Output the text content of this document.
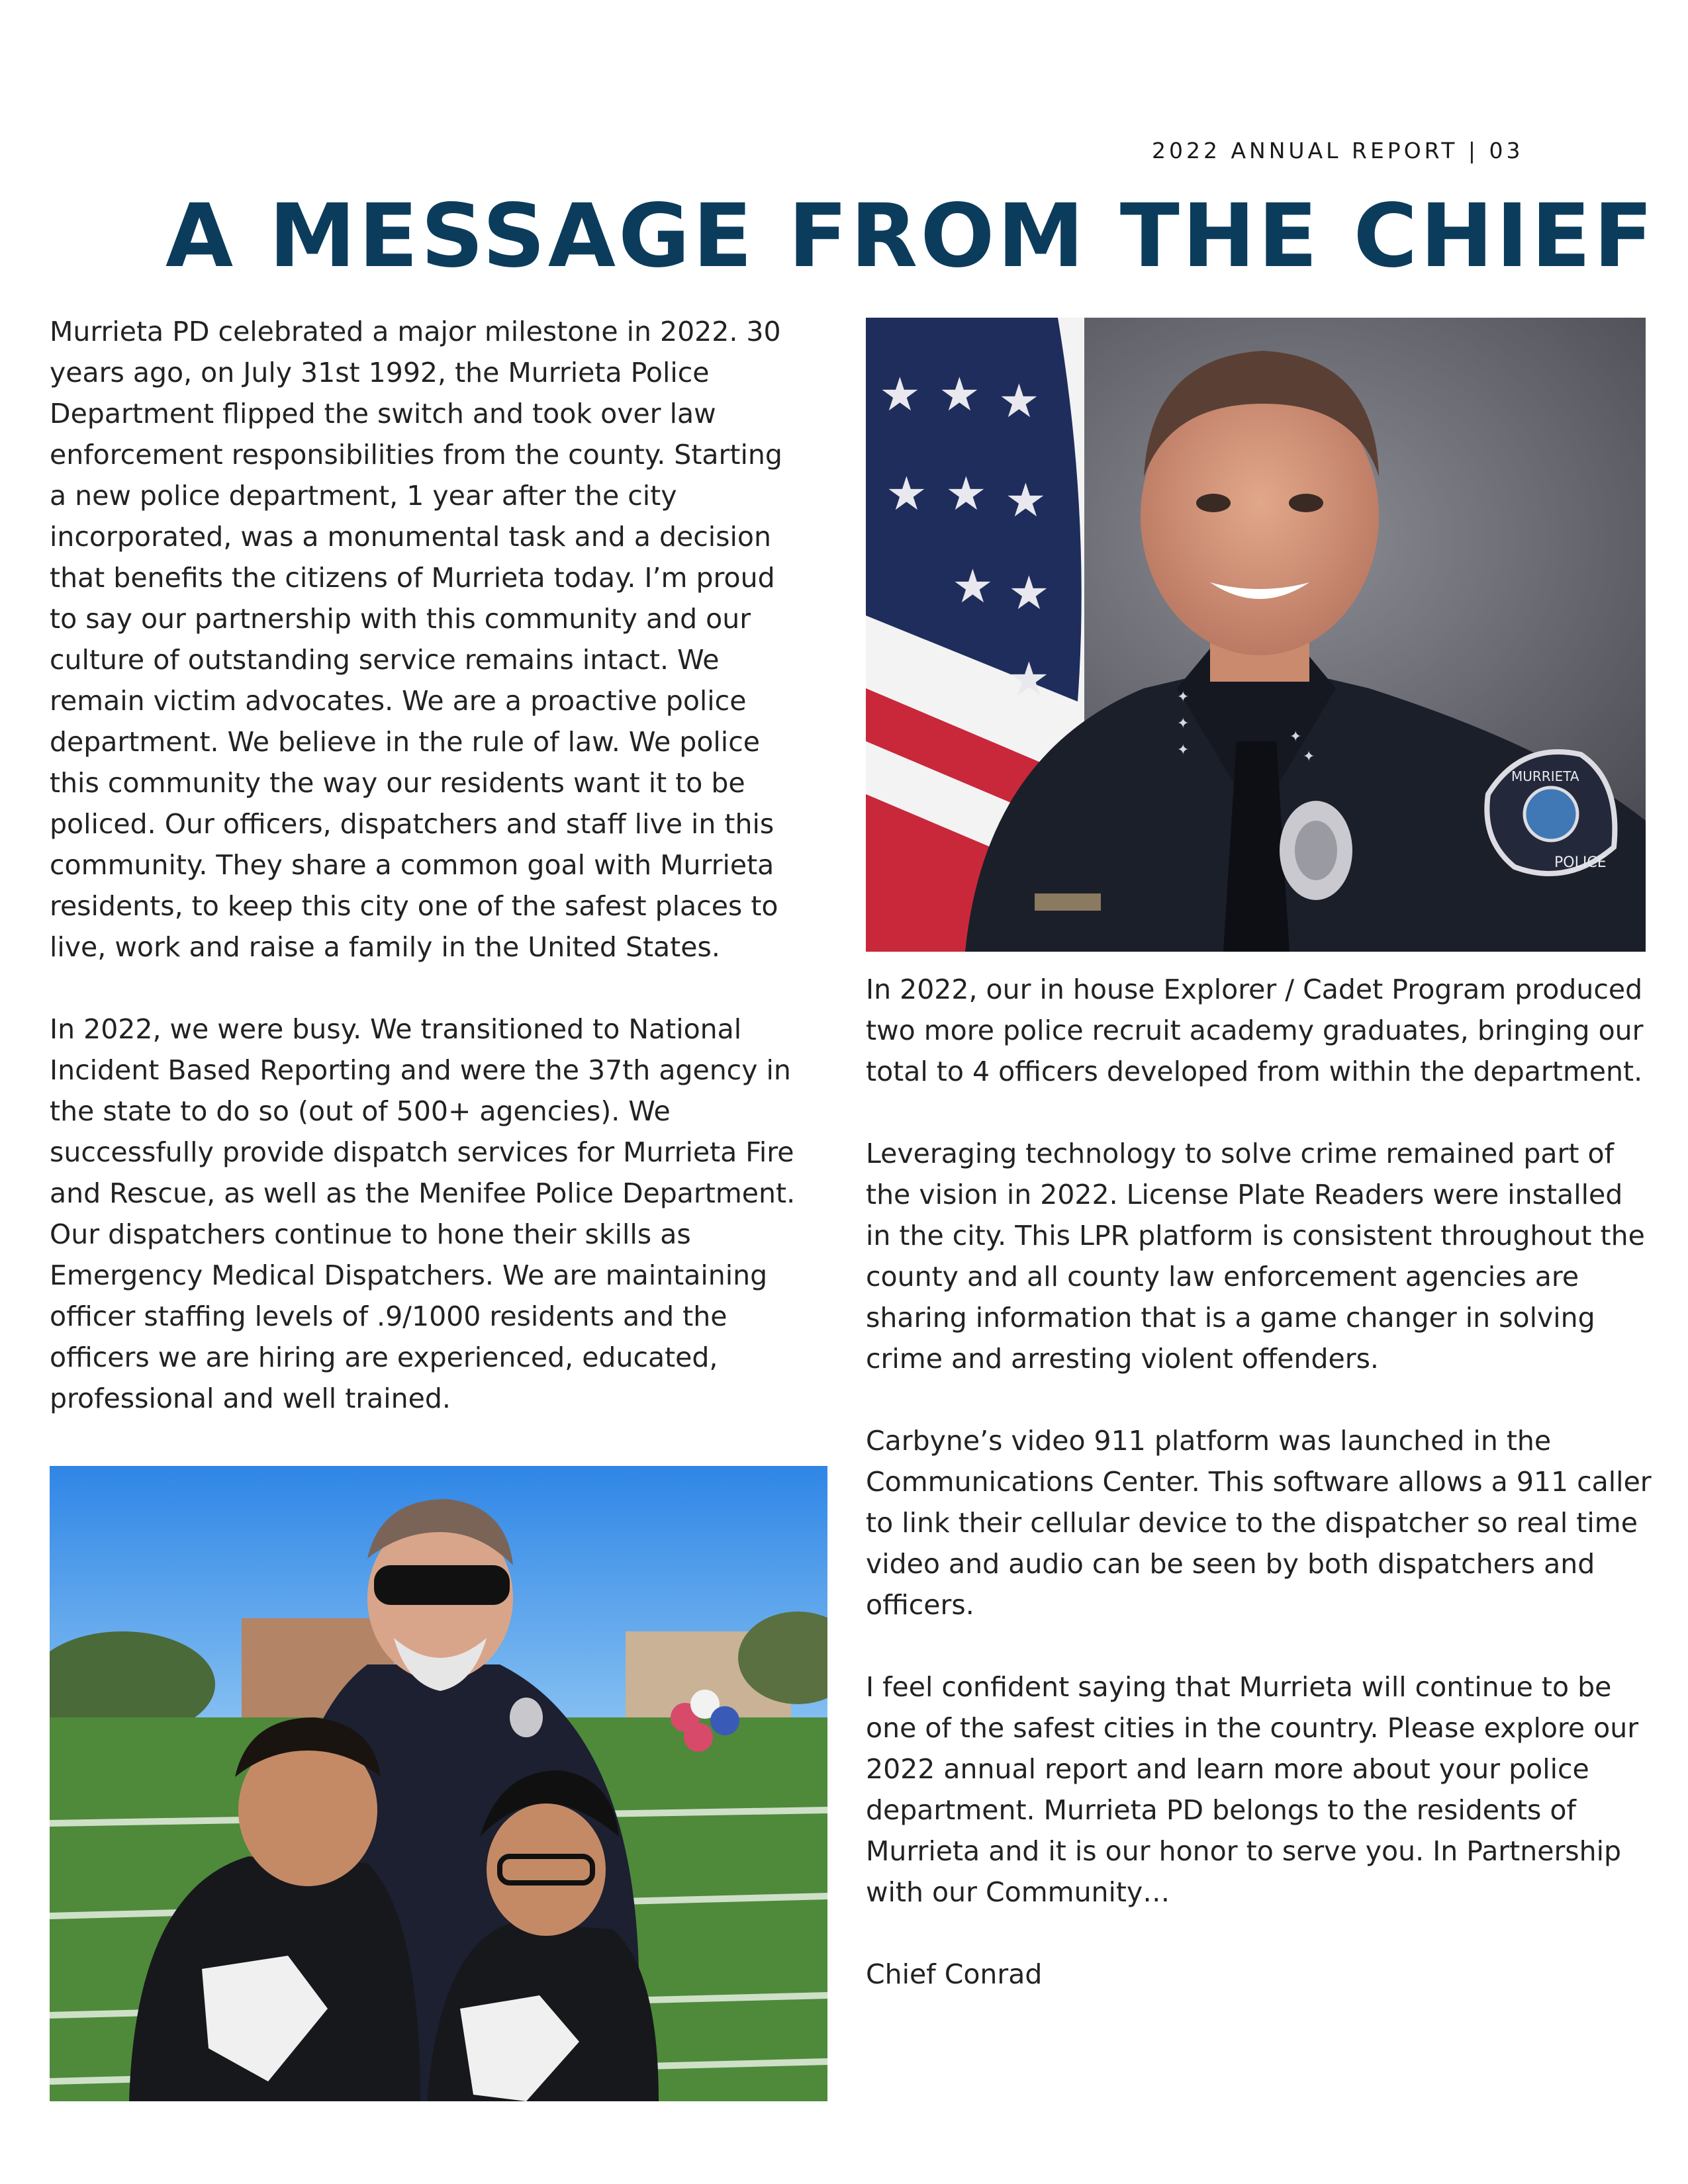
2022 ANNUAL REPORT | 03
A MESSAGE FROM THE CHIEF

Murrieta PD celebrated a major milestone in 2022. 30 years ago, on July 31st 1992, the Murrieta Police Department flipped the switch and took over law enforcement responsibilities from the county. Starting a new police department, 1 year after the city incorporated, was a monumental task and a decision that benefits the citizens of Murrieta today. I’m proud to say our partnership with this community and our culture of outstanding service remains intact. We remain victim advocates. We are a proactive police department. We believe in the rule of law. We police this community the way our residents want it to be policed. Our officers, dispatchers and staff live in this community. They share a common goal with Murrieta residents, to keep this city one of the safest places to live, work and raise a family in the United States.

In 2022, we were busy. We transitioned to National Incident Based Reporting and were the 37th agency in the state to do so (out of 500+ agencies). We successfully provide dispatch services for Murrieta Fire and Rescue, as well as the Menifee Police Department. Our dispatchers continue to hone their skills as Emergency Medical Dispatchers. We are maintaining officer staffing levels of .9/1000 residents and the officers we are hiring are experienced, educated, professional and well trained.

★ ★ ★
★ ★ ★
★ ★
★	✦
✦
✦
✦
✦
MURRIETA
POLICE

In 2022, our in house Explorer / Cadet Program produced two more police recruit academy graduates, bringing our total to 4 officers developed from within the department.

Leveraging technology to solve crime remained part of the vision in 2022. License Plate Readers were installed in the city. This LPR platform is consistent throughout the county and all county law enforcement agencies are sharing information that is a game changer in solving crime and arresting violent offenders.

Carbyne’s video 911 platform was launched in the Communications Center. This software allows a 911 caller to link their cellular device to the dispatcher so real time video and audio can be seen by both dispatchers and officers.

I feel confident saying that Murrieta will continue to be one of the safest cities in the country. Please explore our 2022 annual report and learn more about your police department. Murrieta PD belongs to the residents of Murrieta and it is our honor to serve you. In Partnership with our Community…

Chief Conrad
